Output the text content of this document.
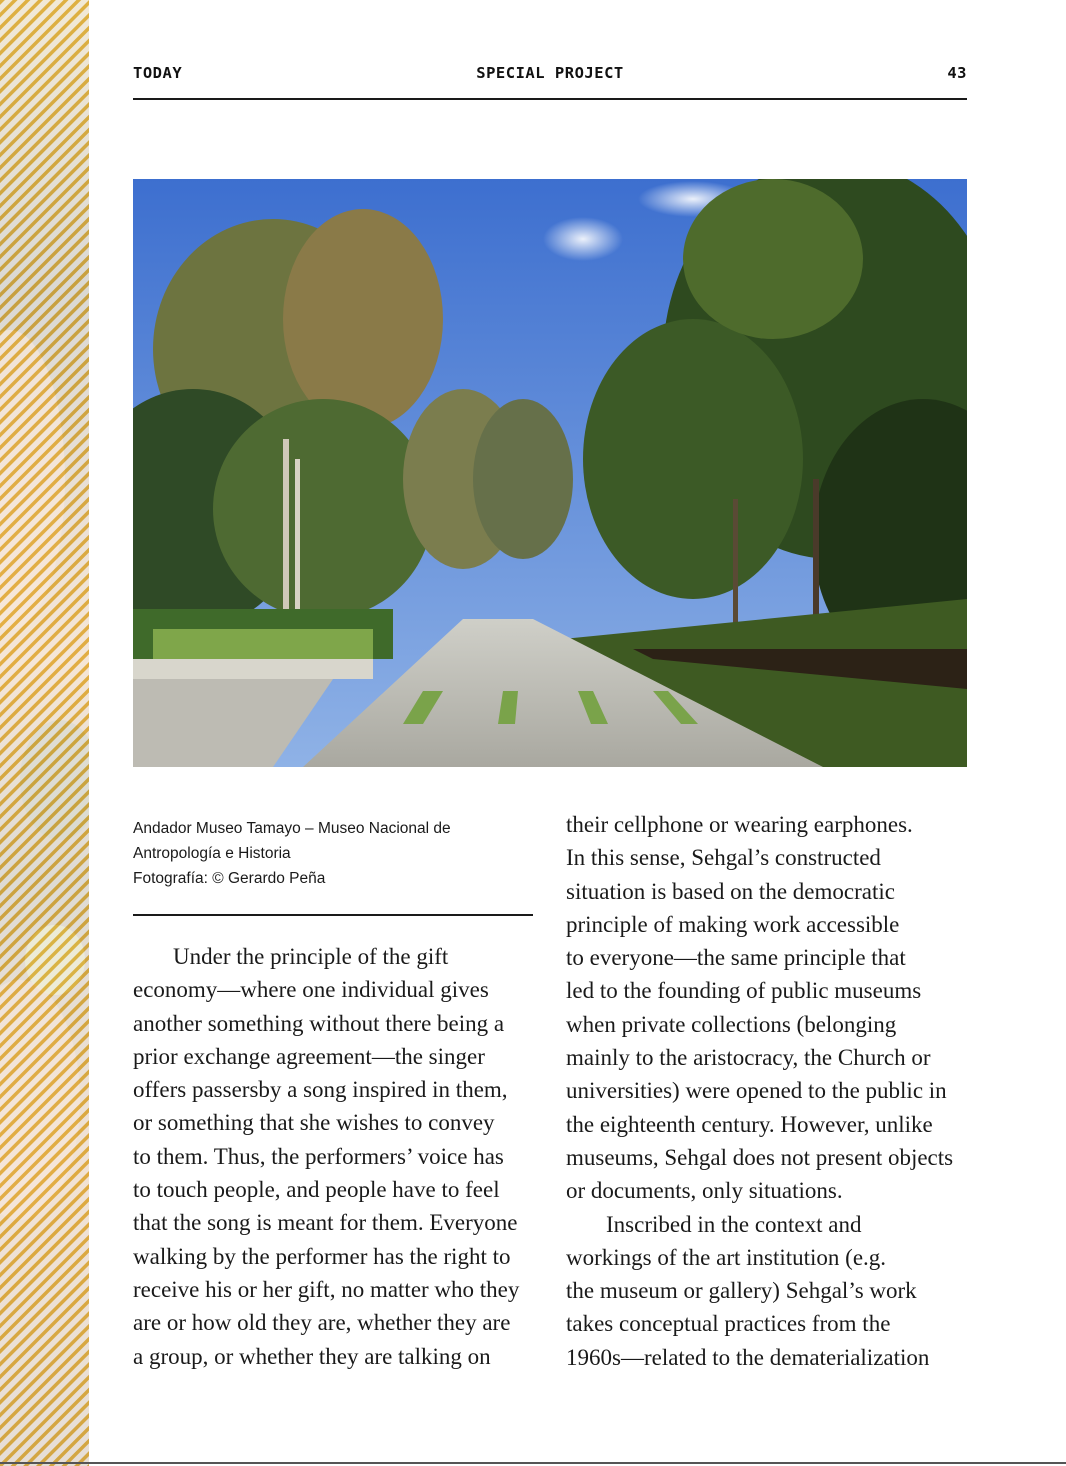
TODAY	SPECIAL PROJECT	43
Andador Museo Tamayo – Museo Nacional de
Antropología e Historia
Fotografía: © Gerardo Peña
Under the principle of the gift
economy—where one individual gives
another something without there being a
prior exchange agreement—the singer
offers passersby a song inspired in them,
or something that she wishes to convey
to them. Thus, the performers’ voice has
to touch people, and people have to feel
that the song is meant for them. Everyone
walking by the performer has the right to
receive his or her gift, no matter who they
are or how old they are, whether they are
a group, or whether they are talking on
their cellphone or wearing earphones.
In this sense, Sehgal’s constructed
situation is based on the democratic
principle of making work accessible
to everyone—the same principle that
led to the founding of public museums
when private collections (belonging
mainly to the aristocracy, the Church or
universities) were opened to the public in
the eighteenth century. However, unlike
museums, Sehgal does not present objects
or documents, only situations.
Inscribed in the context and
workings of the art institution (e.g.
the museum or gallery) Sehgal’s work
takes conceptual practices from the
1960s—related to the dematerialization
